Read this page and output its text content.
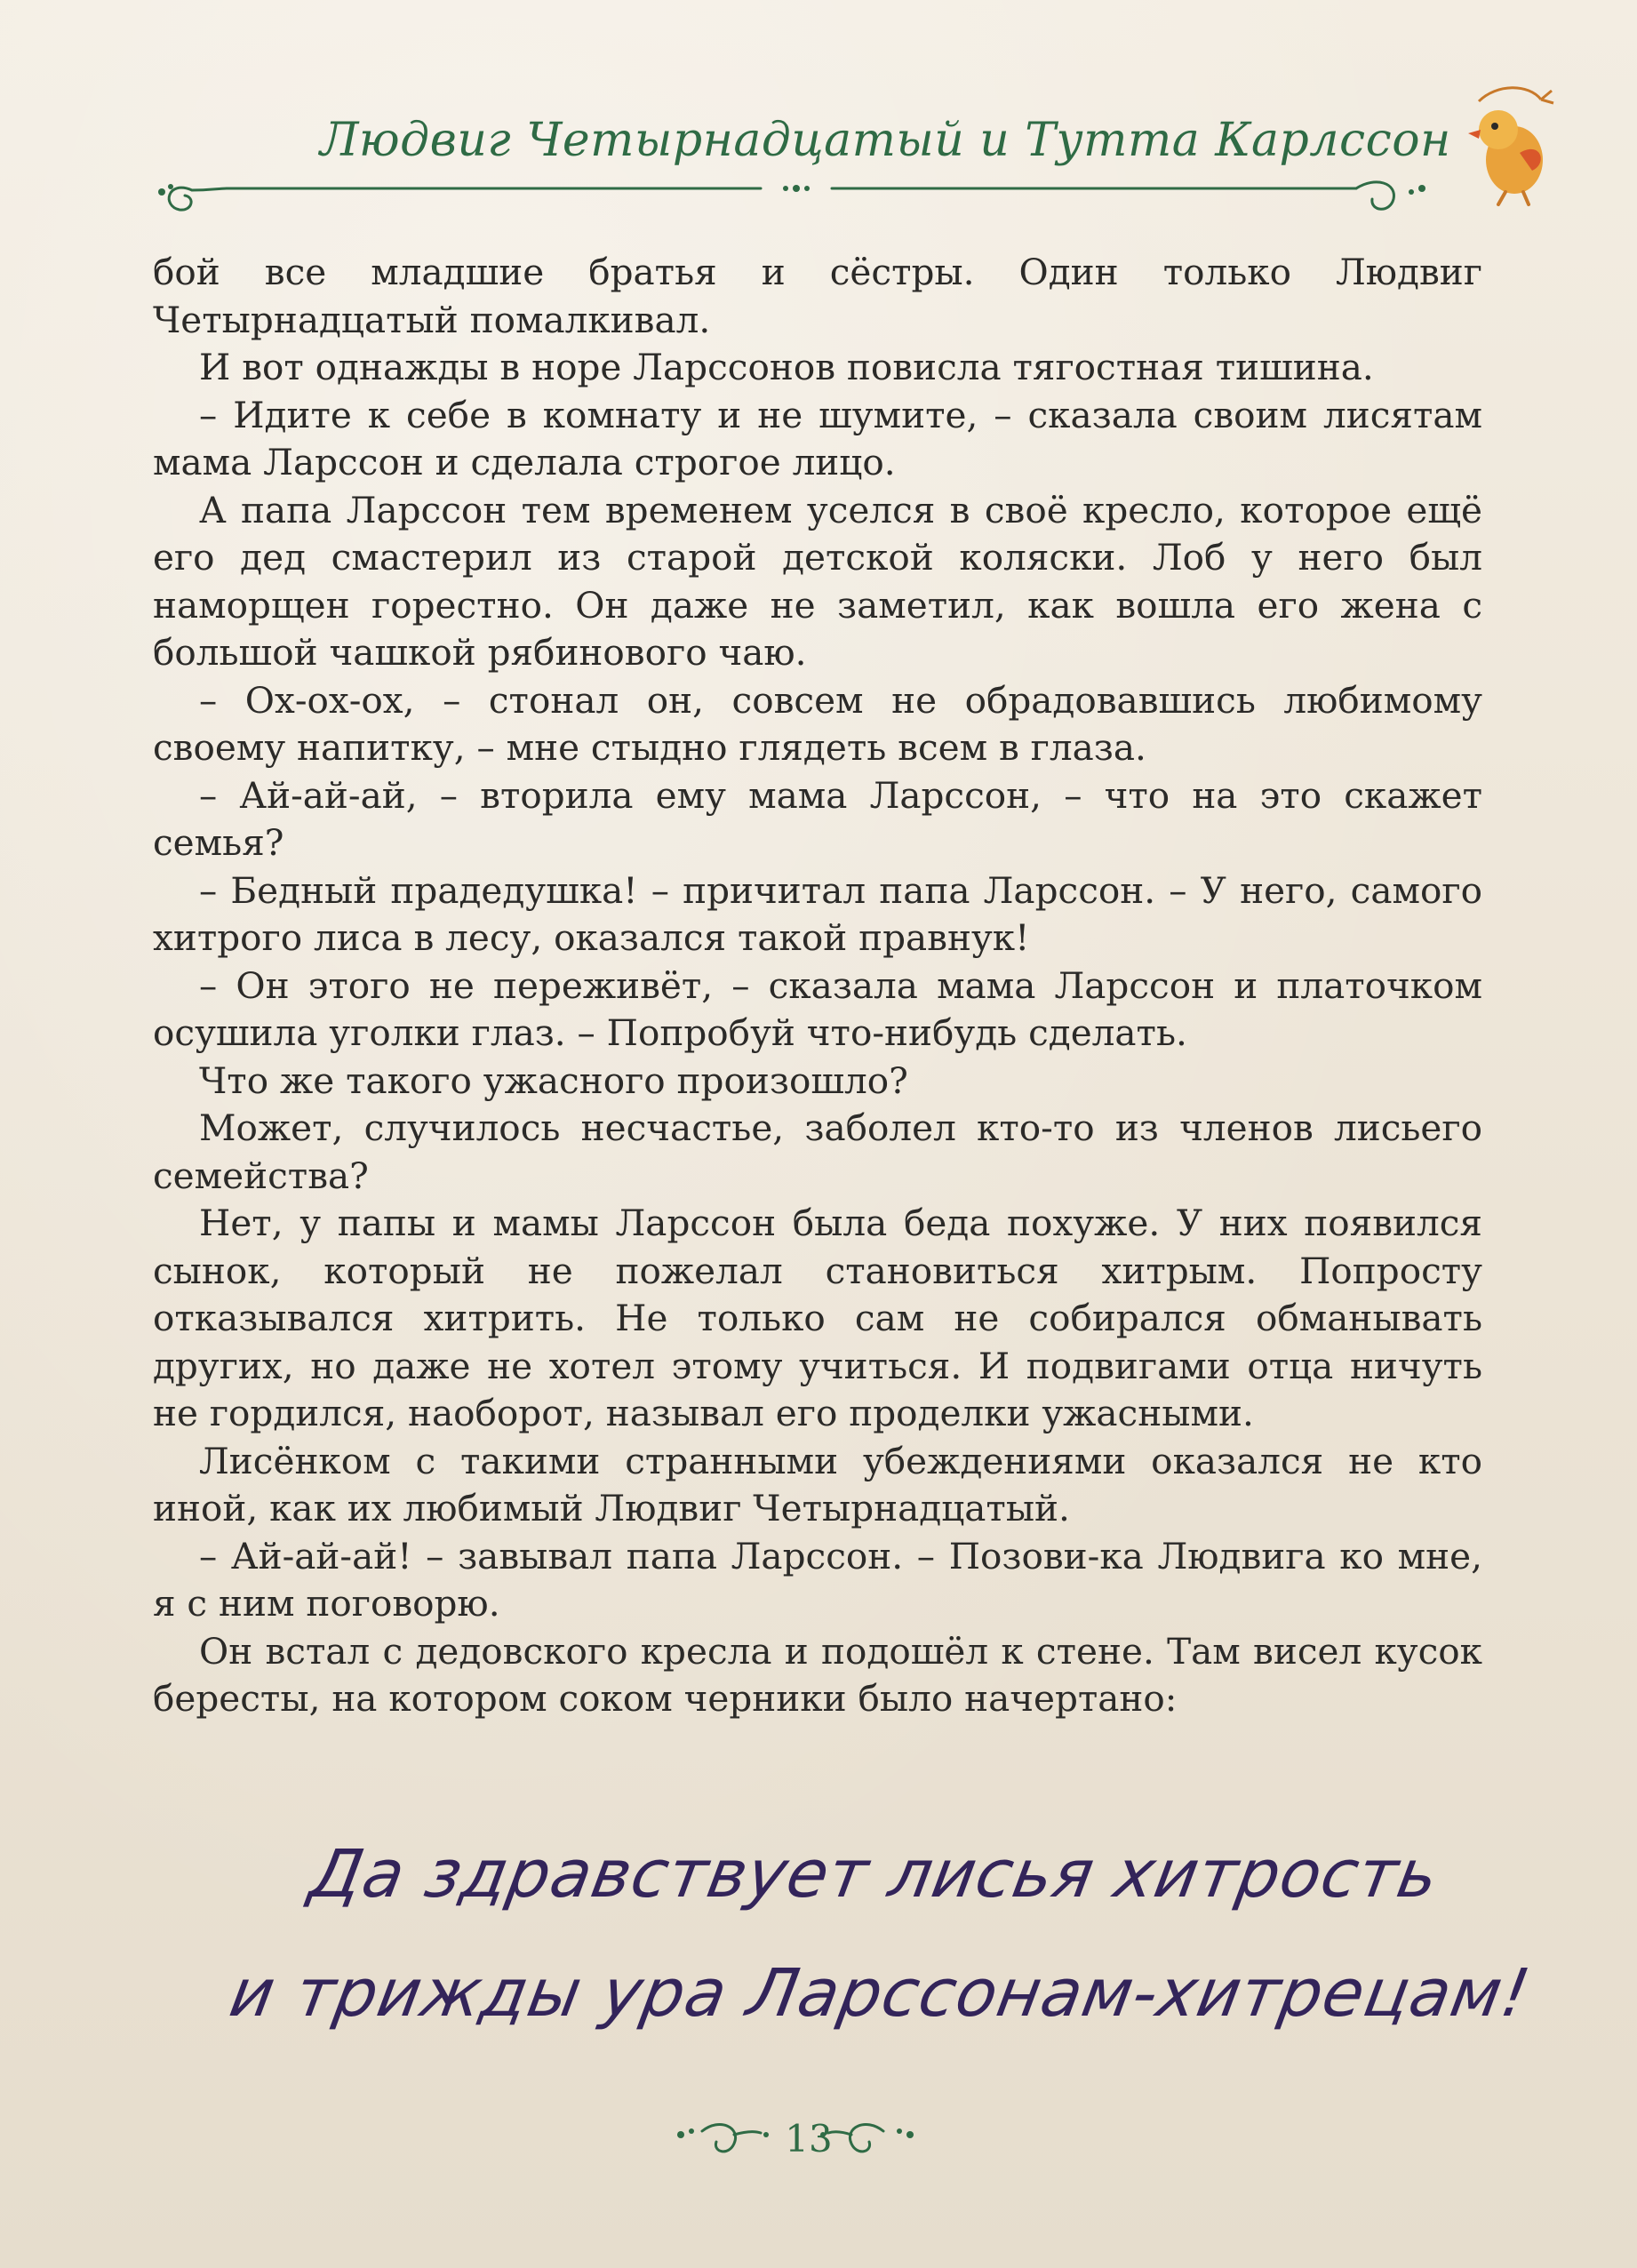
Людвиг Четырнадцатый и Тутта Карлссон

бой все младшие братья и сёстры. Один только Людвиг Четырнадцатый помалкивал.

И вот однажды в норе Ларссонов повисла тягостная тишина.

– Идите к себе в комнату и не шумите, – сказала своим лисятам мама Ларссон и сделала строгое лицо.

А папа Ларссон тем временем уселся в своё кресло, которое ещё его дед смастерил из старой детской коляски. Лоб у него был наморщен горестно. Он даже не заметил, как вошла его жена с большой чашкой рябинового чаю.

– Ох-ох-ох, – стонал он, совсем не обрадовавшись любимому своему напитку, – мне стыдно глядеть всем в глаза.

– Ай-ай-ай, – вторила ему мама Ларссон, – что на это скажет семья?

– Бедный прадедушка! – причитал папа Ларссон. – У него, самого хитрого лиса в лесу, оказался такой правнук!

– Он этого не переживёт, – сказала мама Ларссон и платочком осушила уголки глаз. – Попробуй что-нибудь сделать.

Что же такого ужасного произошло?

Может, случилось несчастье, заболел кто-то из членов лисьего семейства?

Нет, у папы и мамы Ларссон была беда похуже. У них появился сынок, который не пожелал становиться хитрым. Попросту отказывался хитрить. Не только сам не собирался обманывать других, но даже не хотел этому учиться. И подвигами отца ничуть не гордился, наоборот, называл его проделки ужасными.

Лисёнком с такими странными убеждениями оказался не кто иной, как их любимый Людвиг Четырнадцатый.

– Ай-ай-ай! – завывал папа Ларссон. – Позови-ка Людвига ко мне, я с ним поговорю.

Он встал с дедовского кресла и подошёл к стене. Там висел кусок бересты, на котором соком черники было начертано:

Да здравствует лисья хитрость
и трижды ура Ларссонам-хитрецам!
13
